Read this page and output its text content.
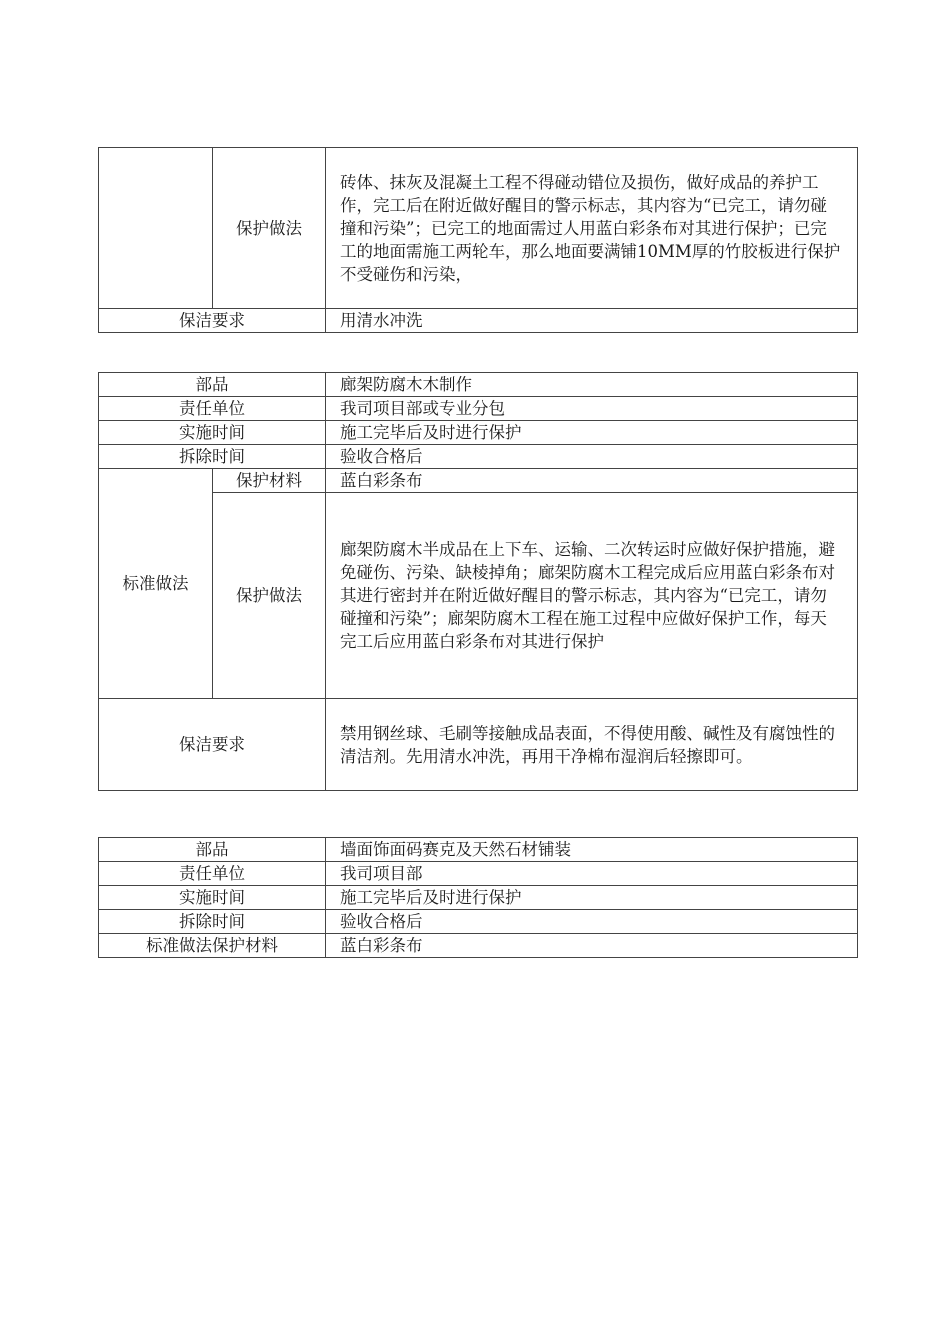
	保护做法	砖体、抹灰及混凝土工程不得碰动错位及损伤，做好成品的养护工作，完工后在附近做好醒目的警示标志，其内容为“已完工，请勿碰撞和污染”；已完工的地面需过人用蓝白彩条布对其进行保护；已完工的地面需施工两轮车，那么地面要满铺10MM厚的竹胶板进行保护不受碰伤和污染，
保洁要求		用清水冲洗
部品		廊架防腐木木制作
责任单位		我司项目部或专业分包
实施时间		施工完毕后及时进行保护
拆除时间		验收合格后
标准做法	保护材料	蓝白彩条布
	保护做法	廊架防腐木半成品在上下车、运输、二次转运时应做好保护措施，避免碰伤、污染、缺棱掉角；廊架防腐木工程完成后应用蓝白彩条布对其进行密封并在附近做好醒目的警示标志，其内容为“已完工，请勿碰撞和污染”；廊架防腐木工程在施工过程中应做好保护工作，每天完工后应用蓝白彩条布对其进行保护
保洁要求		禁用钢丝球、毛刷等接触成品表面，不得使用酸、碱性及有腐蚀性的清洁剂。先用清水冲洗，再用干净棉布湿润后轻擦即可。
部品	墙面饰面码赛克及天然石材铺装
责任单位	我司项目部
实施时间	施工完毕后及时进行保护
拆除时间	验收合格后
标准做法保护材料	蓝白彩条布
